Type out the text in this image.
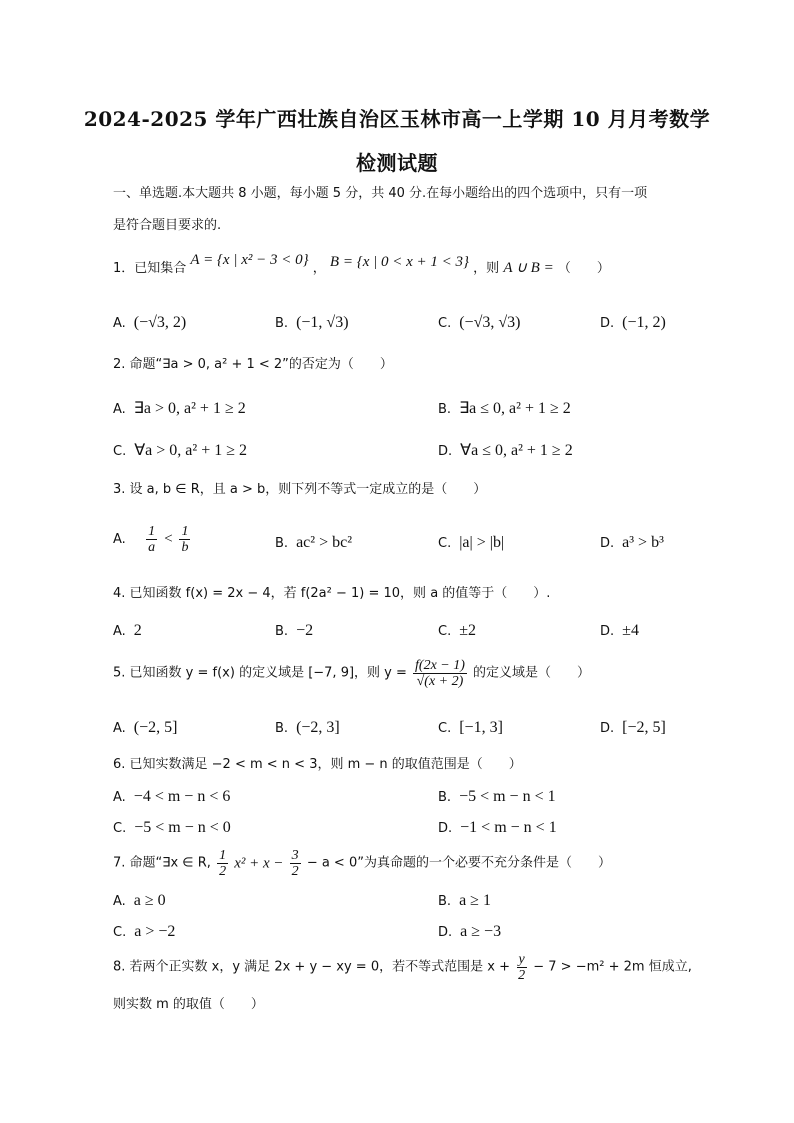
2024-2025 学年广西壮族自治区玉林市高一上学期 10 月月考数学
检测试题
一、单选题.本大题共 8 小题，每小题 5 分，共 40 分.在每小题给出的四个选项中，只有一项
是符合题目要求的.
1．已知集合 A = {x | x² − 3 < 0} ， B = {x | 0 < x + 1 < 3} ，则 A ∪ B = （　　）
A. (−√3, 2)	B. (−1, √3)	C. (−√3, √3)	D. (−1, 2)
2. 命题“∃a > 0, a² + 1 < 2”的否定为（　　）
A. ∃a > 0, a² + 1 ≥ 2	B. ∃a ≤ 0, a² + 1 ≥ 2
C. ∀a > 0, a² + 1 ≥ 2	D. ∀a ≤ 0, a² + 1 ≥ 2
3. 设 a, b ∈ R，且 a > b，则下列不等式一定成立的是（　　）
A. $\frac{1}{a} < \frac{1}{b}$	B. ac² > bc²	C. |a| > |b|	D. a³ > b³
4. 已知函数 f(x) = 2x − 4，若 f(2a² − 1) = 10，则 a 的值等于（　　）.
A. 2	B. −2	C. ±2	D. ±4
5. 已知函数 y = f(x) 的定义域是 [−7, 9]，则 $y = \frac{f(2x - 1)}{√(x + 2)}$ 的定义域是（　　）
A. (−2, 5]	B. (−2, 3]	C. [−1, 3]	D. [−2, 5]
6. 已知实数满足 −2 < m < n < 3，则 m − n 的取值范围是（　　）
A. −4 < m − n < 6	B. −5 < m − n < 1
C. −5 < m − n < 0	D. −1 < m − n < 1
7. 命题“∃x ∈ R, $\frac{1}{2} x^2 + x - \frac{3}{2} - a < 0$”为真命题的一个必要不充分条件是（　　）
A. a ≥ 0	B. a ≥ 1
C. a > −2	D. a ≥ −3
8. 若两个正实数 x，y 满足 2x + y − xy = 0，若不等式范围是 $x + \frac{y}{2} - 7 > -m^2 + 2m$ 恒成立,
则实数 m 的取值（　　）
